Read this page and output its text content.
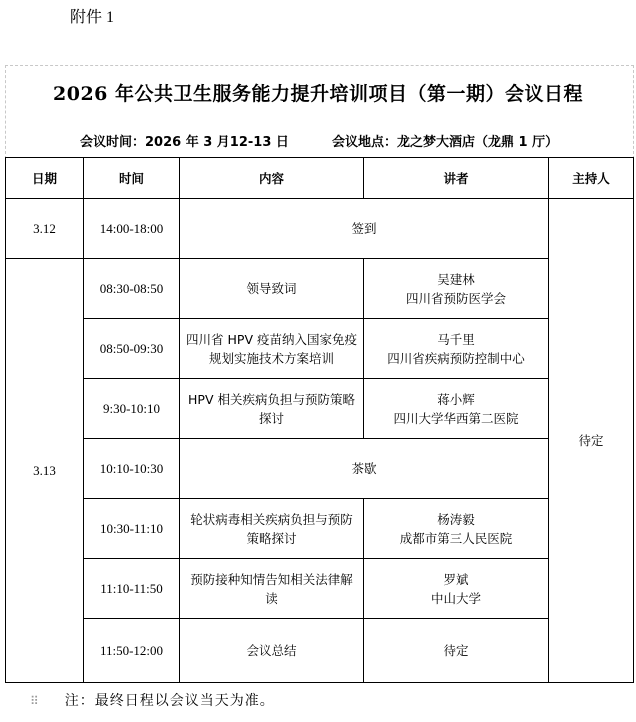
附件 1
2026 年公共卫生服务能力提升培训项目（第一期）会议日程
会议时间：2026 年 3 月12-13 日	会议地点：龙之梦大酒店（龙鼎 1 厅）
日期	时间	内容	讲者	主持人
3.12	14:00-18:00	签到		待定
3.13	08:30-08:50	领导致词	吴建林
四川省预防医学会	

	08:50-09:30	四川省 HPV 疫苗纳入国家免疫规划实施技术方案培训	马千里
四川省疾病预防控制中心	

	9:30-10:10	HPV 相关疾病负担与预防策略探讨	蒋小辉
四川大学华西第二医院	

	10:10-10:30	茶歇		
	10:30-11:10	轮状病毒相关疾病负担与预防策略探讨	杨涛毅
成都市第三人民医院	

	11:10-11:50	预防接种知情告知相关法律解读	罗斌
中山大学	

	11:50-12:00	会议总结	待定	
⠿ 注：最终日程以会议当天为准。
